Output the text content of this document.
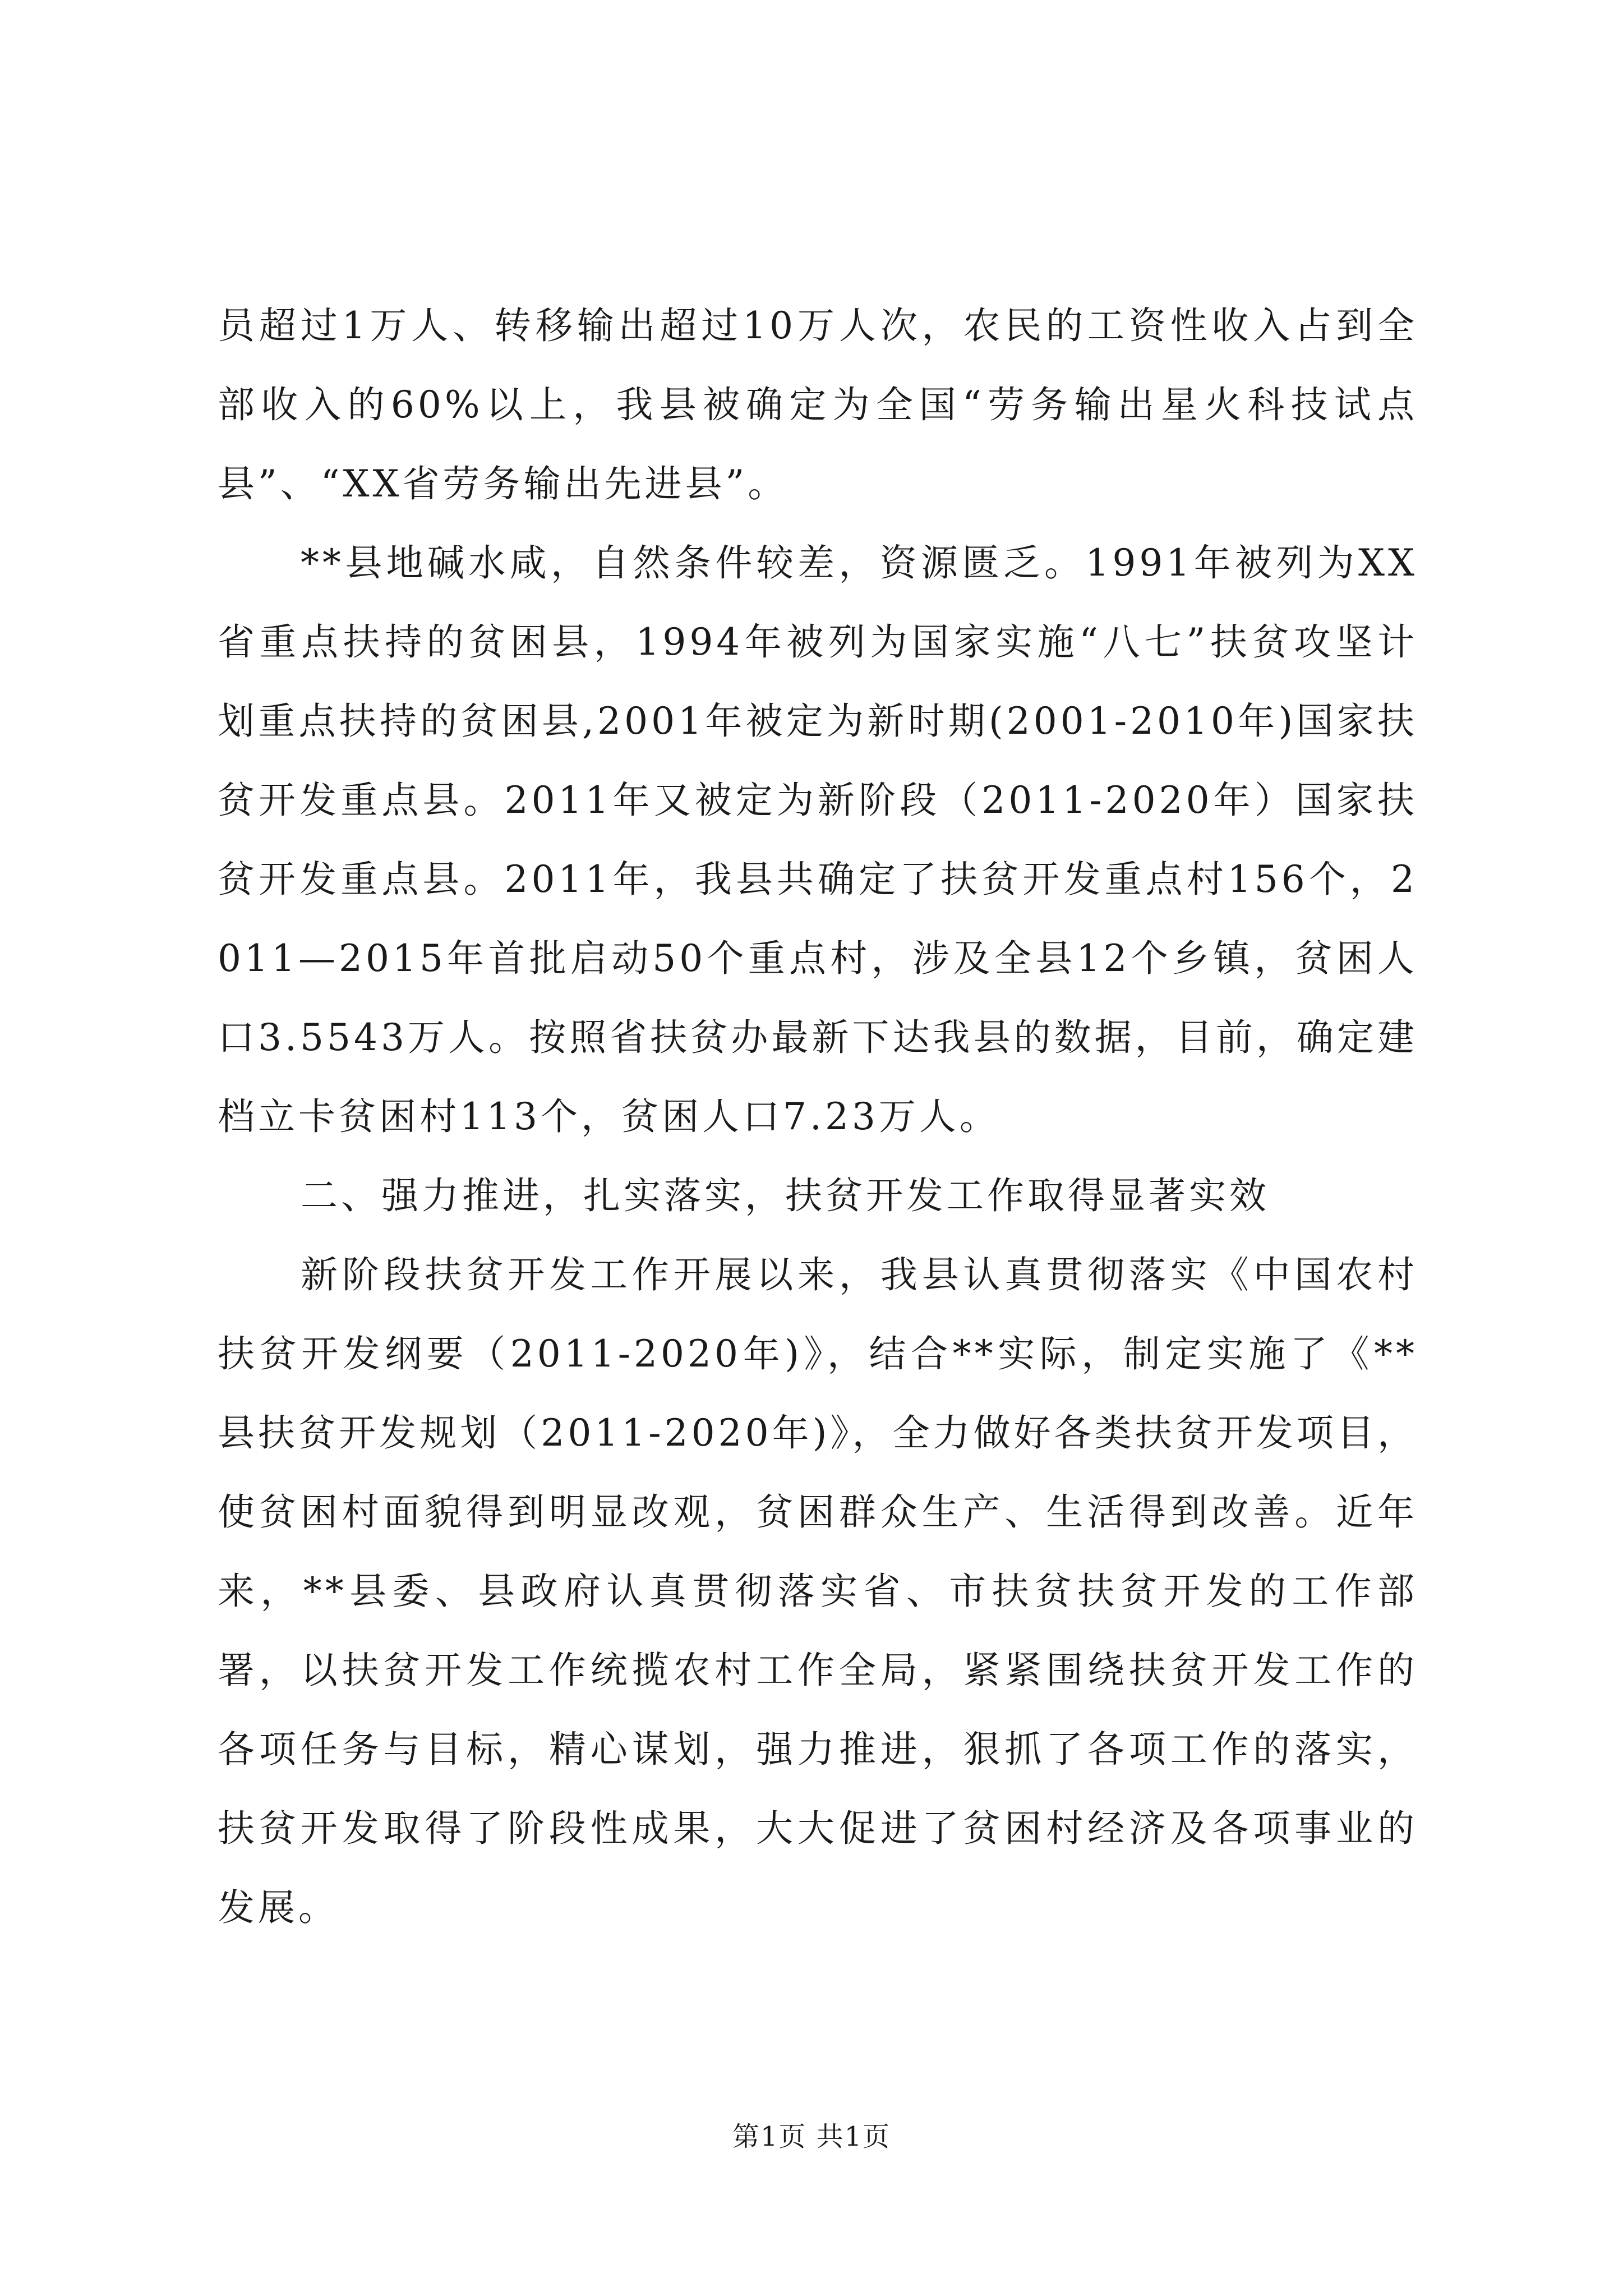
员超过1万人、转移输出超过10万人次，农民的工资性收入占到全部收入的60%以上，我县被确定为全国“劳务输出星火科技试点县”、“XX省劳务输出先进县”。

**县地碱水咸，自然条件较差，资源匮乏。1991年被列为XX省重点扶持的贫困县，1994年被列为国家实施“八七”扶贫攻坚计划重点扶持的贫困县,2001年被定为新时期(2001-2010年)国家扶贫开发重点县。2011年又被定为新阶段（2011-2020年）国家扶贫开发重点县。2011年，我县共确定了扶贫开发重点村156个，2011—2015年首批启动50个重点村，涉及全县12个乡镇，贫困人口3.5543万人。按照省扶贫办最新下达我县的数据，目前，确定建档立卡贫困村113个，贫困人口7.23万人。

二、强力推进，扎实落实，扶贫开发工作取得显著实效

新阶段扶贫开发工作开展以来，我县认真贯彻落实《中国农村扶贫开发纲要（2011-2020年)》，结合**实际，制定实施了《**县扶贫开发规划（2011-2020年)》，全力做好各类扶贫开发项目，使贫困村面貌得到明显改观，贫困群众生产、生活得到改善。近年来，**县委、县政府认真贯彻落实省、市扶贫扶贫开发的工作部署，以扶贫开发工作统揽农村工作全局，紧紧围绕扶贫开发工作的各项任务与目标，精心谋划，强力推进，狠抓了各项工作的落实，扶贫开发取得了阶段性成果，大大促进了贫困村经济及各项事业的发展。

第1页 共1页
